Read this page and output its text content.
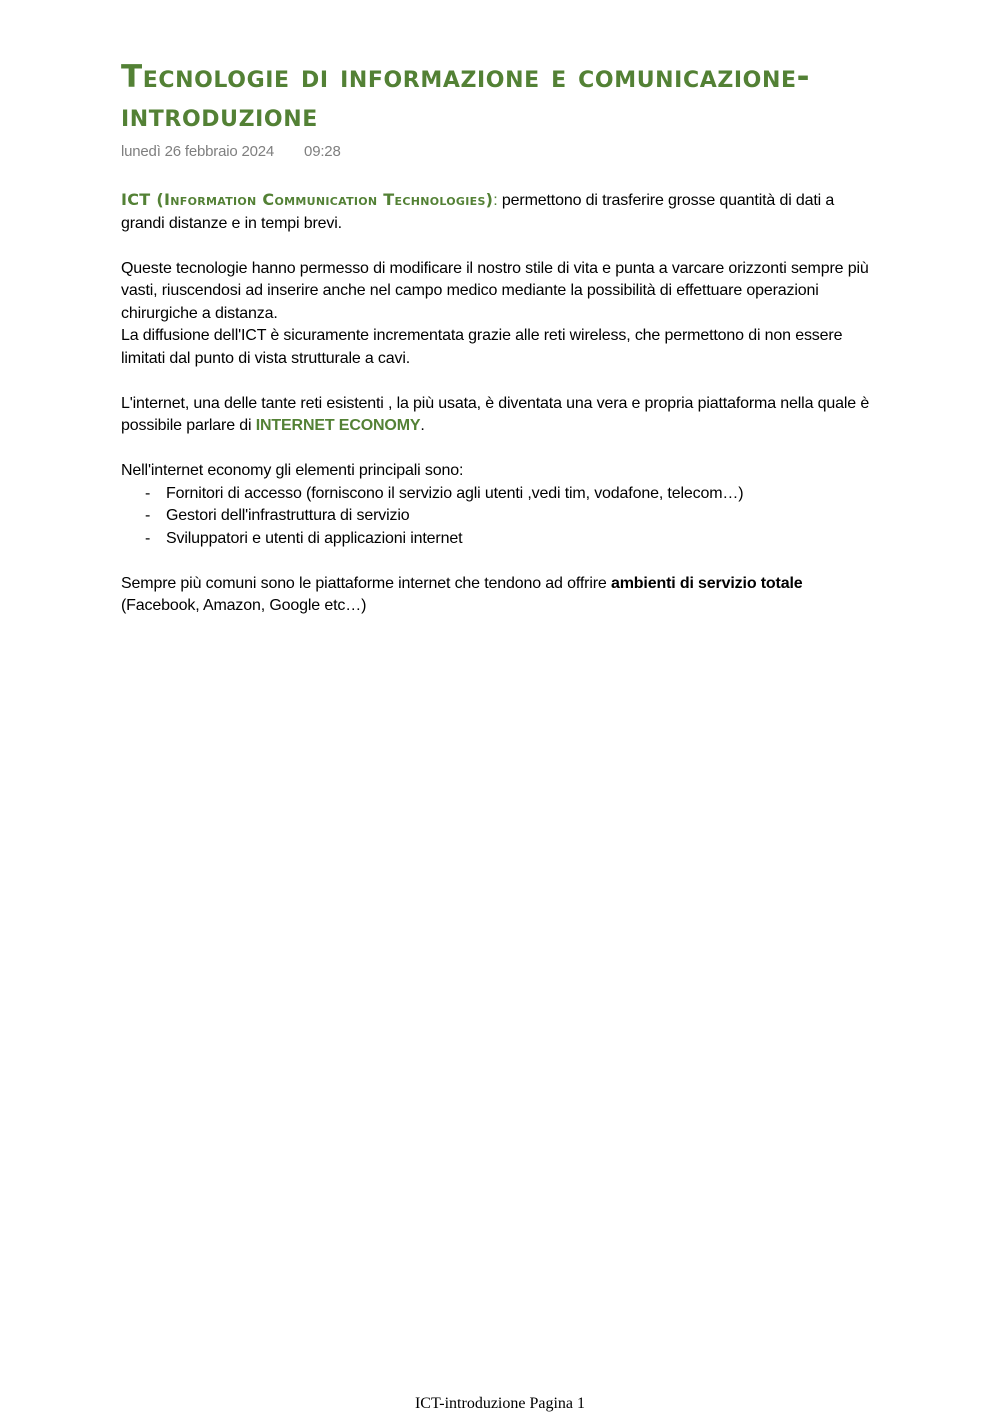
Tecnologie di informazione e comunicazione-introduzione
lunedì 26 febbraio 2024 09:28

ICT (Information Communication Technologies): permettono di trasferire grosse quantità di dati a grandi distanze e in tempi brevi.

Queste tecnologie hanno permesso di modificare il nostro stile di vita e punta a varcare orizzonti sempre più vasti, riuscendosi ad inserire anche nel campo medico mediante la possibilità di effettuare operazioni chirurgiche a distanza.

La diffusione dell'ICT è sicuramente incrementata grazie alle reti wireless, che permettono di non essere limitati dal punto di vista strutturale a cavi.

L'internet, una delle tante reti esistenti , la più usata, è diventata una vera e propria piattaforma nella quale è possibile parlare di INTERNET ECONOMY.

Nell'internet economy gli elementi principali sono:

- Fornitori di accesso (forniscono il servizio agli utenti ,vedi tim, vodafone, telecom…)
- Gestori dell'infrastruttura di servizio
- Sviluppatori e utenti di applicazioni internet

Sempre più comuni sono le piattaforme internet che tendono ad offrire ambienti di servizio totale (Facebook, Amazon, Google etc…)

ICT-introduzione Pagina 1
